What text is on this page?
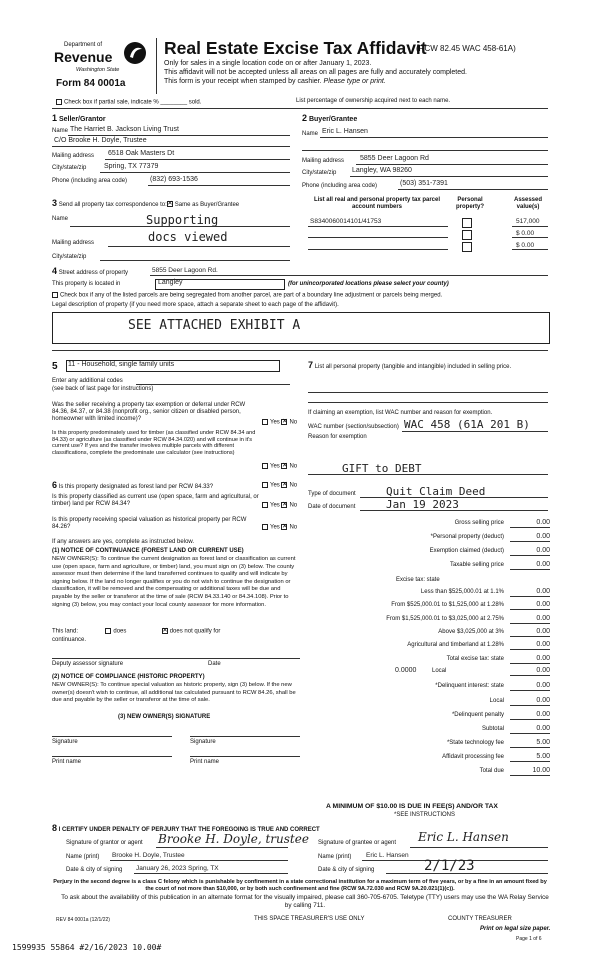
Department of
Revenue
Washington State
Form 84 0001a
Real Estate Excise Tax Affidavit
(RCW 82.45 WAC 458-61A)
Only for sales in a single location code on or after January 1, 2023.
This affidavit will not be accepted unless all areas on all pages are fully and accurately completed.
This form is your receipt when stamped by cashier. Please type or print.
Check box if partial sale, indicate % ________ sold.	List percentage of ownership acquired next to each name.
1 Seller/Grantor
Name The Harriet B. Jackson Living Trust
C/O Brooke H. Doyle, Trustee
Mailing address 6518 Oak Masters Dt
City/state/zip	Spring, TX 77379
Phone (including area code)	(832) 693-1536
2 Buyer/Grantee
Name Eric L. Hansen
Mailing address 5855 Deer Lagoon Rd
City/state/zip Langley, WA 98260
Phone (including area code)	(503) 351-7391
3 Send all property tax correspondence to: ✕ Same as Buyer/Grantee
Name	Supporting
Mailing address	docs viewed
City/state/zip
List all real and personal property tax parcel account numbers
Personal property?
Assessed value(s)
S8340060014101/41753	517,000
$ 0.00
$ 0.00
4 Street address of property	5855 Deer Lagoon Rd.
This property is located in	Langley	(for unincorporated locations please select your county)
Check box if any of the listed parcels are being segregated from another parcel, are part of a boundary line adjustment or parcels being merged.
Legal description of property (if you need more space, attach a separate sheet to each page of the affidavit).
SEE ATTACHED EXHIBIT A
5 11 - Household, single family units
Enter any additional codes
(see back of last page for instructions)
Was the seller receiving a property tax exemption or deferral under RCW 84.36, 84.37, or 84.38 (nonprofit org., senior citizen or disabled person, homeowner with limited income)?
Yes ✕ No
Is this property predominately used for timber (as classified under RCW 84.34 and 84.33) or agriculture (as classified under RCW 84.34.020) and will continue in it's current use? If yes and the transfer involves multiple parcels with different classifications, complete the predominate use calculator (see instructions)
Yes ✕ No
6 Is this property designated as forest land per RCW 84.33?	Yes ✕ No
Is this property classified as current use (open space, farm and agricultural, or timber) land per RCW 84.34?	Yes ✕ No
Is this property receiving special valuation as historical property per RCW 84.26?	Yes ✕ No
If any answers are yes, complete as instructed below.
(1) NOTICE OF CONTINUANCE (FOREST LAND OR CURRENT USE)
NEW OWNER(S): To continue the current designation as forest land or classification as current use (open space, farm and agriculture, or timber) land, you must sign on (3) below. The county assessor must then determine if the land transferred continues to qualify and will indicate by signing below. If the land no longer qualifies or you do not wish to continue the designation or classification, it will be removed and the compensating or additional taxes will be due and payable by the seller or transferor at the time of sale (RCW 84.33.140 or 84.34.108). Prior to signing (3) below, you may contact your local county assessor for more information.
This land:	does ✕	does not qualify for
continuance.
Deputy assessor signature	Date
(2) NOTICE OF COMPLIANCE (HISTORIC PROPERTY)
NEW OWNER(S): To continue special valuation as historic property, sign (3) below. If the new owner(s) doesn't wish to continue, all additional tax calculated pursuant to RCW 84.26, shall be due and payable by the seller or transferor at the time of sale.
(3) NEW OWNER(S) SIGNATURE
Signature	Signature
Print name	Print name
7 List all personal property (tangible and intangible) included in selling price.
If claiming an exemption, list WAC number and reason for exemption.
WAC number (section/subsection) WAC 458 (61A 201 B)
Reason for exemption
GIFT to DEBT
Type of document	Quit Claim Deed
Date of document	Jan 19 2023
Gross selling price	0.00
*Personal property (deduct)	0.00
Exemption claimed (deduct)	0.00
Taxable selling price	0.00
Less than $525,000.01 at 1.1%	0.00
From $525,000.01 to $1,525,000 at 1.28%	0.00
From $1,525,000.01 to $3,025,000 at 2.75%	0.00
Above $3,025,000 at 3%	0.00
Agricultural and timberland at 1.28%	0.00
Total excise tax: state	0.00
*Delinquent interest: state	0.00
Local	0.00
*Delinquent penalty	0.00
Subtotal	0.00
*State technology fee	5.00
Affidavit processing fee	5.00
Total due	10.00
Excise tax: state
0.0000	Local	0.00
A MINIMUM OF $10.00 IS DUE IN FEE(S) AND/OR TAX
*SEE INSTRUCTIONS
8 I CERTIFY UNDER PENALTY OF PERJURY THAT THE FOREGOING IS TRUE AND CORRECT
Signature of grantor or agent Brooke H. Doyle, trustee
Name (print) Brooke H. Doyle, Trustee
Date & city of signing January 26, 2023 Spring, TX
Signature of grantee or agent Eric L. Hansen
Name (print) Eric L. Hansen
Date & city of signing	2/1/23
Perjury in the second degree is a class C felony which is punishable by confinement in a state correctional institution for a maximum term of five years, or by a fine in an amount fixed by the court of not more than $10,000, or by both such confinement and fine (RCW 9A.72.030 and RCW 9A.20.021(1)(c)).
To ask about the availability of this publication in an alternate format for the visually impaired, please call 360-705-6705. Teletype (TTY) users may use the WA Relay Service by calling 711.
REV 84 0001a (12/1/22)	THIS SPACE TREASURER'S USE ONLY	COUNTY TREASURER
Print on legal size paper.
Page 1 of 6
1599935 55864 #2/16/2023 10.00#
